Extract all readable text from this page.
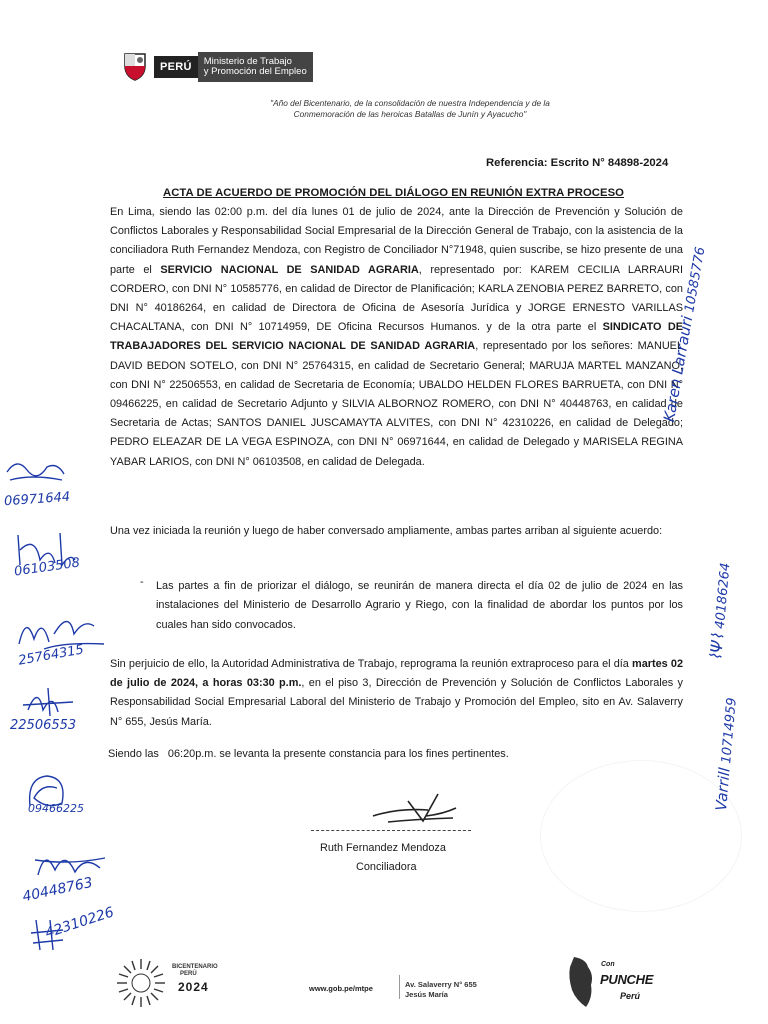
PERÚ	Ministerio de Trabajo
y Promoción del Empleo
"Año del Bicentenario, de la consolidación de nuestra Independencia y de la
Conmemoración de las heroicas Batallas de Junín y Ayacucho"
Referencia: Escrito N° 84898-2024
ACTA DE ACUERDO DE PROMOCIÓN DEL DIÁLOGO EN REUNIÓN EXTRA PROCESO
En Lima, siendo las 02:00 p.m. del día lunes 01 de julio de 2024, ante la Dirección de Prevención y Solución de Conflictos Laborales y Responsabilidad Social Empresarial de la Dirección General de Trabajo, con la asistencia de la conciliadora Ruth Fernandez Mendoza, con Registro de Conciliador N°71948, quien suscribe, se hizo presente de una parte el SERVICIO NACIONAL DE SANIDAD AGRARIA, representado por: KAREM CECILIA LARRAURI CORDERO, con DNI N° 10585776, en calidad de Director de Planificación; KARLA ZENOBIA PEREZ BARRETO, con DNI N° 40186264, en calidad de Directora de Oficina de Asesoría Jurídica y JORGE ERNESTO VARILLAS CHACALTANA, con DNI N° 10714959, DE Oficina Recursos Humanos. y de la otra parte el SINDICATO DE TRABAJADORES DEL SERVICIO NACIONAL DE SANIDAD AGRARIA, representado por los señores: MANUEL DAVID BEDON SOTELO, con DNI N° 25764315, en calidad de Secretario General; MARUJA MARTEL MANZANO, con DNI N° 22506553, en calidad de Secretaria de Economía; UBALDO HELDEN FLORES BARRUETA, con DNI N° 09466225, en calidad de Secretario Adjunto y SILVIA ALBORNOZ ROMERO, con DNI N° 40448763, en calidad de Secretaria de Actas; SANTOS DANIEL JUSCAMAYTA ALVITES, con DNI N° 42310226, en calidad de Delegado; PEDRO ELEAZAR DE LA VEGA ESPINOZA, con DNI N° 06971644, en calidad de Delegado y MARISELA REGINA YABAR LARIOS, con DNI N° 06103508, en calidad de Delegada.
Una vez iniciada la reunión y luego de haber conversado ampliamente, ambas partes arriban al siguiente acuerdo:
-	Las partes a fin de priorizar el diálogo, se reunirán de manera directa el día 02 de julio de 2024 en las instalaciones del Ministerio de Desarrollo Agrario y Riego, con la finalidad de abordar los puntos por los cuales han sido convocados.
Sin perjuicio de ello, la Autoridad Administrativa de Trabajo, reprograma la reunión extraproceso para el día martes 02 de julio de 2024, a horas 03:30 p.m., en el piso 3, Dirección de Prevención y Solución de Conflictos Laborales y Responsabilidad Social Empresarial Laboral del Ministerio de Trabajo y Promoción del Empleo, sito en Av. Salaverry N° 655, Jesús María.
Siendo las   06:20p.m. se levanta la presente constancia para los fines pertinentes.
Ruth Fernandez Mendoza
Conciliadora
06971644
06103508
25764315
22506553
09466225
40448763
42310226
Karen Larrauri 10585776
⌇Ψ⌇ 40186264
Varrill 10714959
BICENTENARIO
PERÚ
2024	www.gob.pe/mtpe	Av. Salaverry N° 655
Jesús María
Con
PUNCHE
Perú
